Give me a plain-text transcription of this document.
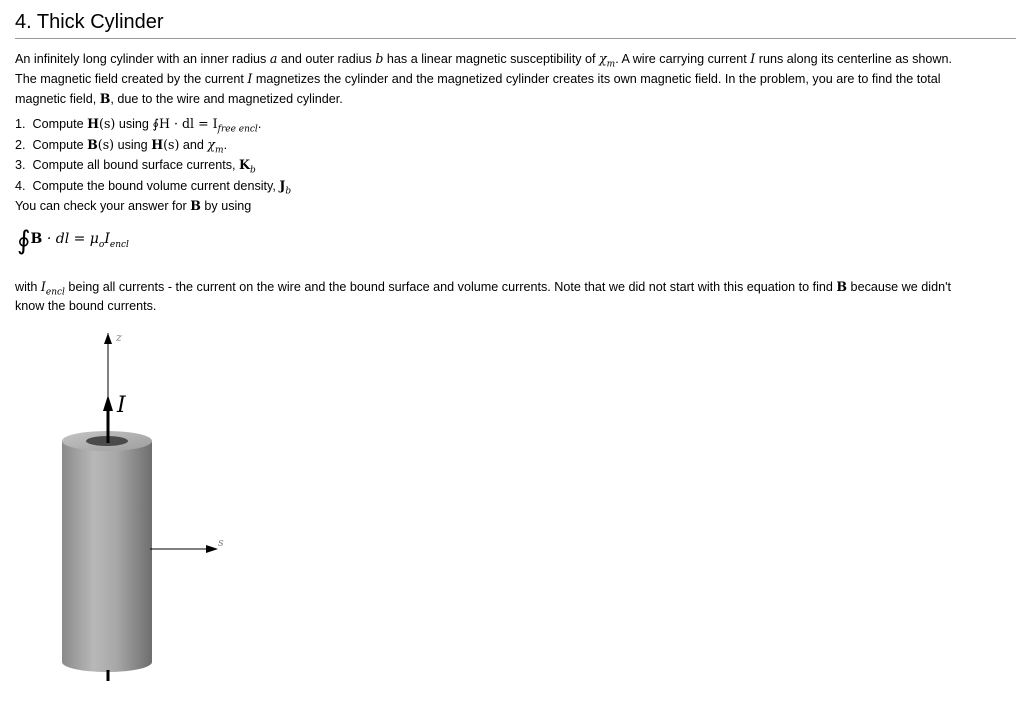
4. Thick Cylinder

An infinitely long cylinder with an inner radius a and outer radius b has a linear magnetic susceptibility of $\chi_m$. A wire carrying current I runs along its centerline as shown.

The magnetic field created by the current I magnetizes the cylinder and the magnetized cylinder creates its own magnetic field. In the problem, you are to find the total

magnetic field, B, due to the wire and magnetized cylinder.

1. Compute H(s) using ∮H · dl = $I_{free encl}$.
2. Compute B(s) using H(s) and $\chi_m$.
3. Compute all bound surface currents, $K_b$
4. Compute the bound volume current density, $J_b$

You can check your answer for B by using

∮B · dl = $\mu_oI_{encl}$

with $I_{encl}$ being all currents - the current on the wire and the bound surface and volume currents. Note that we did not start with this equation to find B because we didn't

know the bound currents.

z
I
s
